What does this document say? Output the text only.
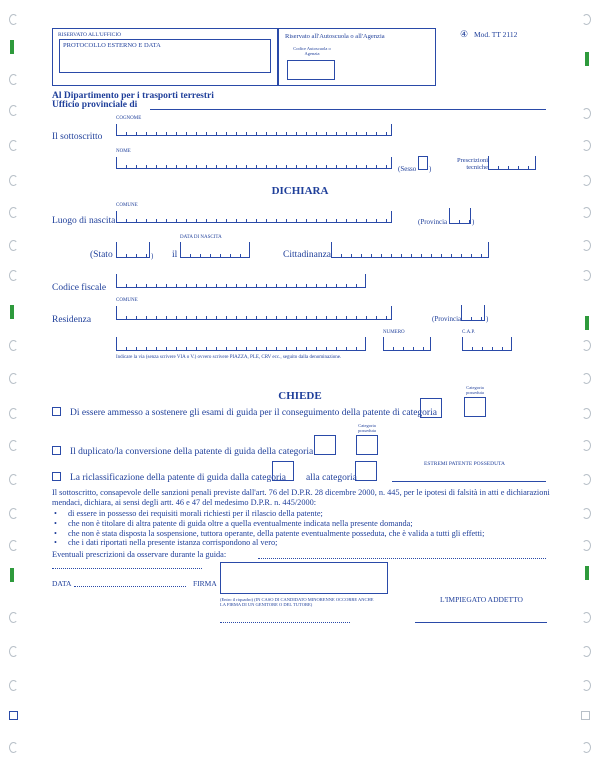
RISERVATO ALL'UFFICIO
PROTOCOLLO ESTERNO E DATA
Riservato all'Autoscuola o all'Agenzia
Codice Autoscuola o Agenzia
④ Mod. TT 2112
Al Dipartimento per i trasporti terrestri
Ufficio provinciale di
Il sottoscritto
COGNOME
NOME
(Sesso )
Prescrizioni tecniche
DICHIARA
COMUNE
Luogo di nascita	(Provincia	)
(Stato	) il
DATA DI NASCITA
Cittadinanza
Codice fiscale
COMUNE
Residenza	(Provincia	)
NUMERO	C.A.P.
Indicare la via (senza scrivere VIA o V.) ovvero scrivere PIAZZA, PLE, CRV ecc., seguito dalla denominazione.
CHIEDE
Categoria posseduta
Di essere ammesso a sostenere gli esami di guida per il conseguimento della patente di categoria
Categoria posseduta
Il duplicato/la conversione della patente di guida della categoria
La riclassificazione della patente di guida dalla categoria alla categoria
ESTREMI PATENTE POSSEDUTA
Il sottoscritto, consapevole delle sanzioni penali previste dall'art. 76 del D.P.R. 28 dicembre 2000, n. 445, per le ipotesi di falsità in atti e dichiarazioni mendaci, dichiara, ai sensi degli artt. 46 e 47 del medesimo D.P.R. n. 445/2000:
• di essere in possesso dei requisiti morali richiesti per il rilascio della patente;
• che non è titolare di altra patente di guida oltre a quella eventualmente indicata nella presente domanda;
• che non è stata disposta la sospensione, tuttora operante, della patente eventualmente posseduta, che è valida a tutti gli effetti;
• che i dati riportati nella presente istanza corrispondono al vero;
Eventuali prescrizioni da osservare durante la guida:
DATA	FIRMA
(Entro il riquadro) (IN CASO DI CANDIDATO MINORENNE OCCORRE ANCHE LA FIRMA DI UN GENITORE O DEL TUTORE)
L'IMPIEGATO ADDETTO
